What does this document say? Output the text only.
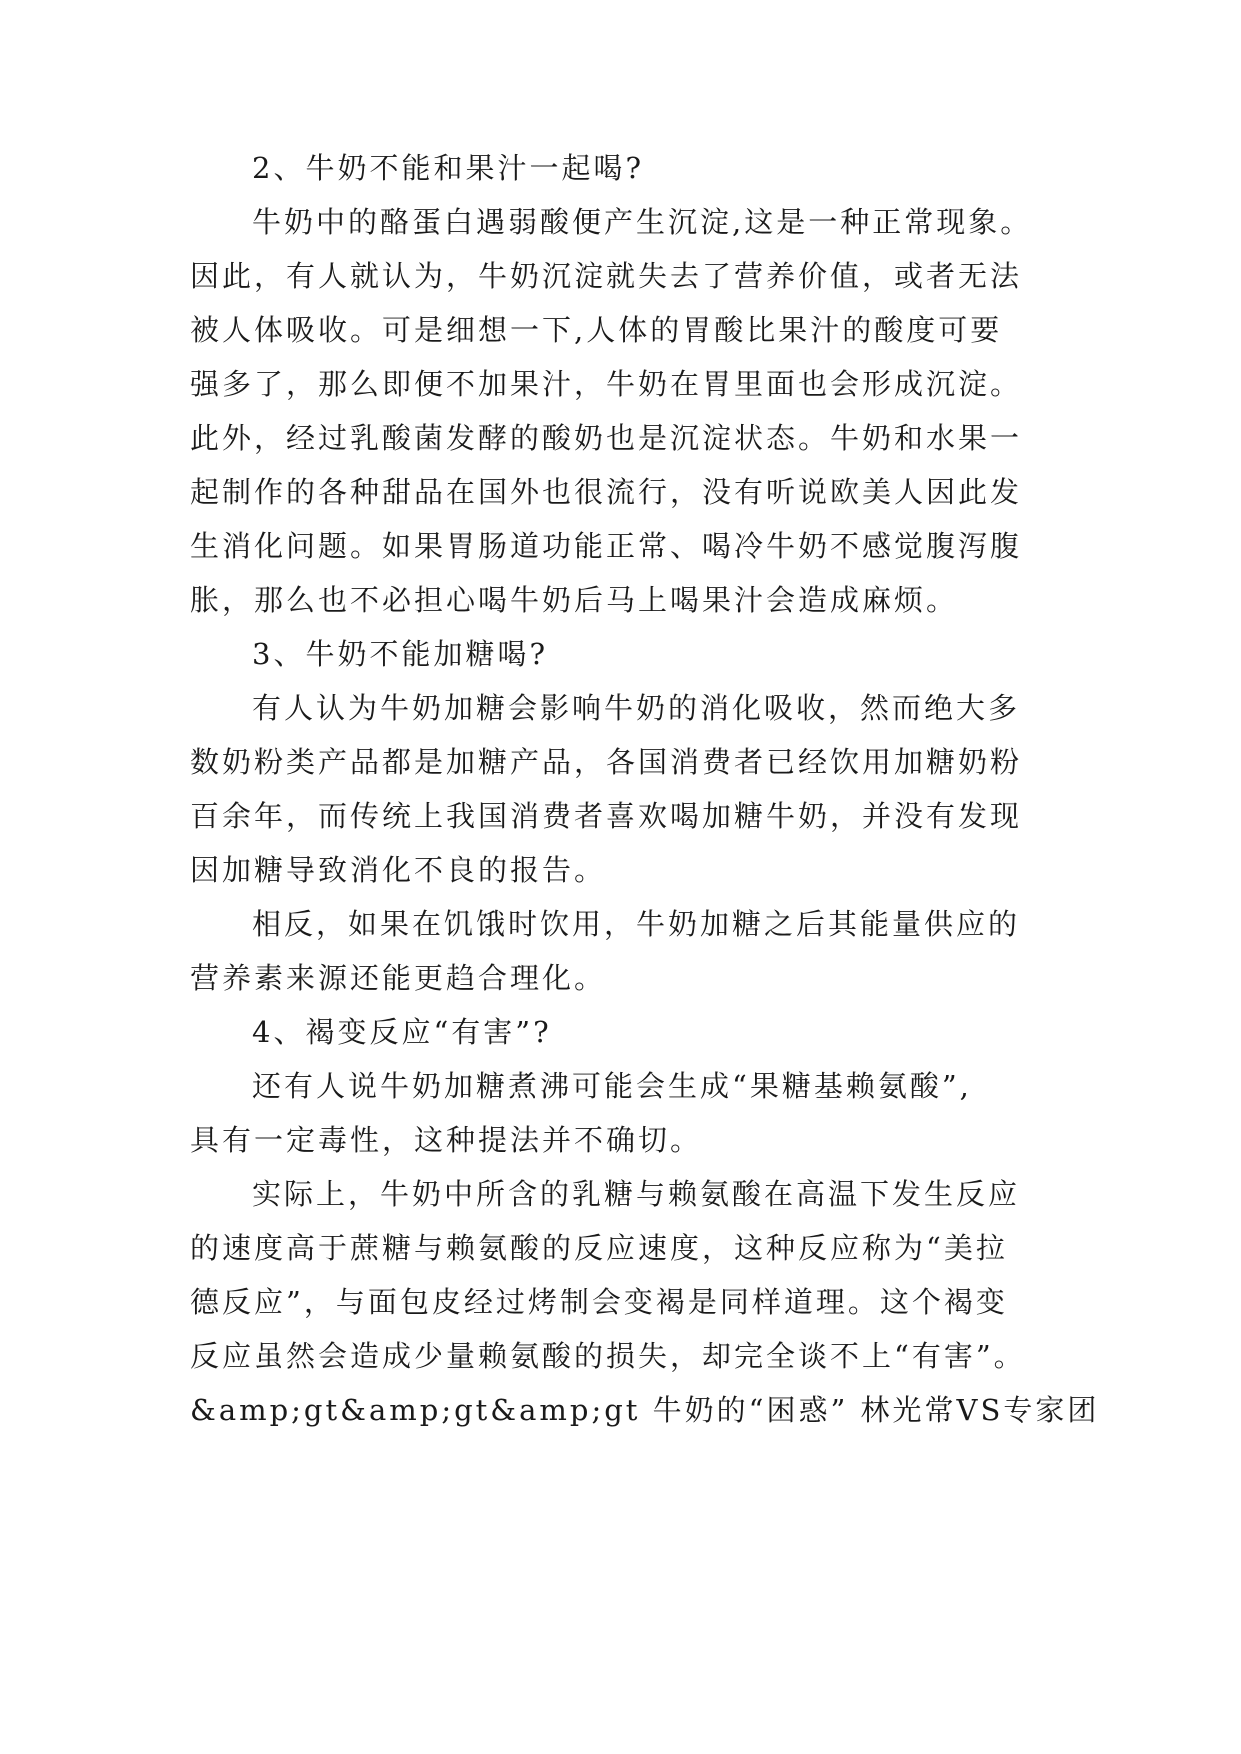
2、牛奶不能和果汁一起喝?
牛奶中的酪蛋白遇弱酸便产生沉淀,这是一种正常现象。
因此，有人就认为，牛奶沉淀就失去了营养价值，或者无法
被人体吸收。可是细想一下,人体的胃酸比果汁的酸度可要
强多了，那么即便不加果汁，牛奶在胃里面也会形成沉淀。
此外，经过乳酸菌发酵的酸奶也是沉淀状态。牛奶和水果一
起制作的各种甜品在国外也很流行，没有听说欧美人因此发
生消化问题。如果胃肠道功能正常、喝冷牛奶不感觉腹泻腹
胀，那么也不必担心喝牛奶后马上喝果汁会造成麻烦。
3、牛奶不能加糖喝?
有人认为牛奶加糖会影响牛奶的消化吸收，然而绝大多
数奶粉类产品都是加糖产品，各国消费者已经饮用加糖奶粉
百余年，而传统上我国消费者喜欢喝加糖牛奶，并没有发现
因加糖导致消化不良的报告。
相反，如果在饥饿时饮用，牛奶加糖之后其能量供应的
营养素来源还能更趋合理化。
4、褐变反应“有害”?
还有人说牛奶加糖煮沸可能会生成“果糖基赖氨酸”,
具有一定毒性，这种提法并不确切。
实际上，牛奶中所含的乳糖与赖氨酸在高温下发生反应
的速度高于蔗糖与赖氨酸的反应速度，这种反应称为“美拉
德反应”，与面包皮经过烤制会变褐是同样道理。这个褐变
反应虽然会造成少量赖氨酸的损失，却完全谈不上“有害”。
&amp;gt&amp;gt&amp;gt 牛奶的“困惑” 林光常VS专家团
